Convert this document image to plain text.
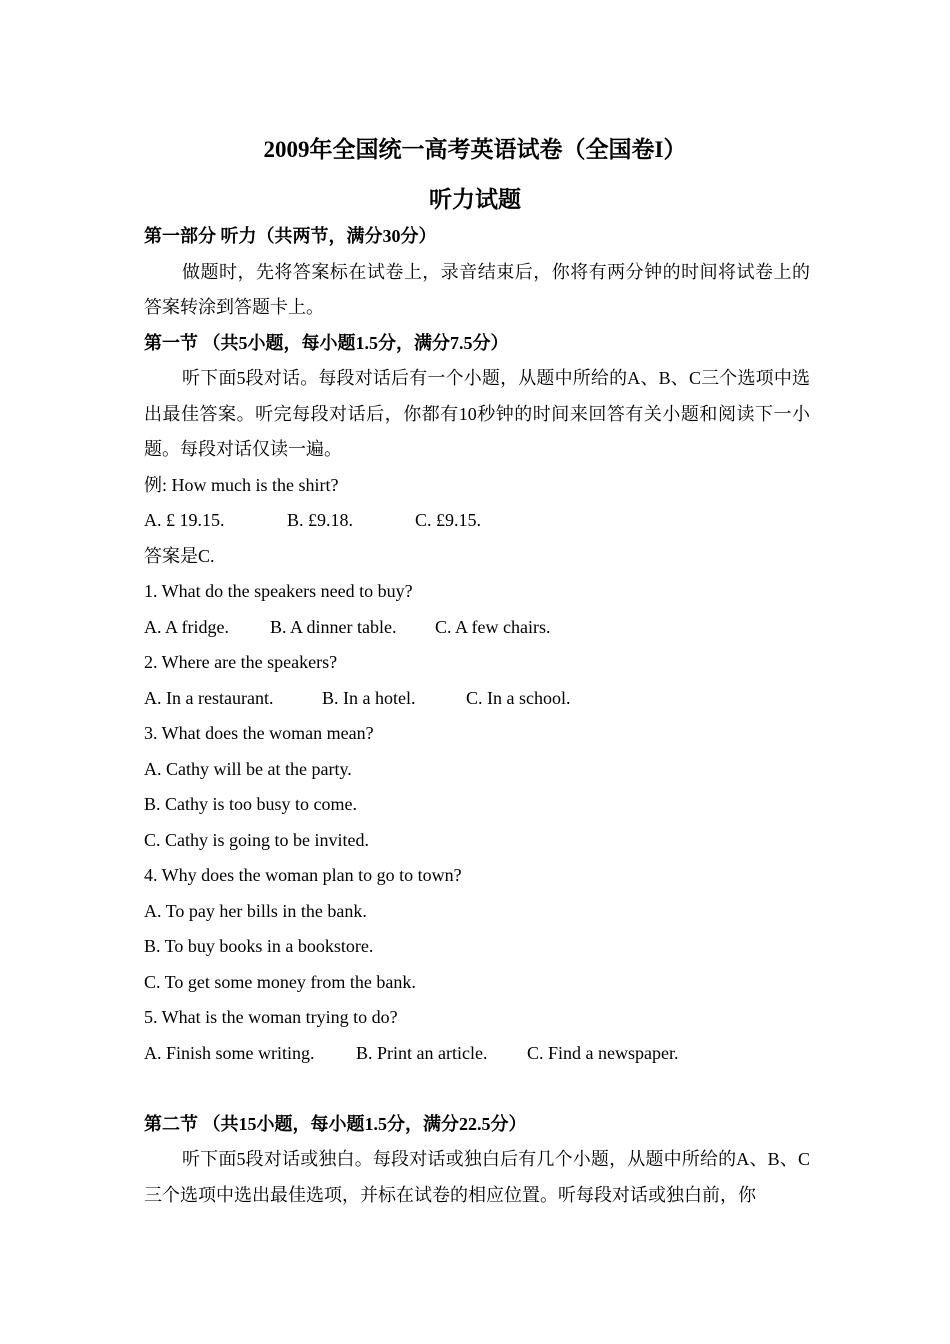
2009年全国统一高考英语试卷（全国卷I）
听力试题
第一部分 听力（共两节，满分30分）
做题时，先将答案标在试卷上，录音结束后，你将有两分钟的时间将试卷上的答案转涂到答题卡上。
第一节 （共5小题，每小题1.5分，满分7.5分）
听下面5段对话。每段对话后有一个小题，从题中所给的A、B、C三个选项中选出最佳答案。听完每段对话后，你都有10秒钟的时间来回答有关小题和阅读下一小题。每段对话仅读一遍。
例: How much is the shirt?
A. £ 19.15.	B. £9.18.	C. £9.15.
答案是C.
1. What do the speakers need to buy?
A. A fridge. B. A dinner table. C. A few chairs.
2. Where are the speakers?
A. In a restaurant.	B. In a hotel.	C. In a school.
3. What does the woman mean?
A. Cathy will be at the party.
B. Cathy is too busy to come.
C. Cathy is going to be invited.
4. Why does the woman plan to go to town?
A. To pay her bills in the bank.
B. To buy books in a bookstore.
C. To get some money from the bank.
5. What is the woman trying to do?
A. Finish some writing. B. Print an article. C. Find a newspaper.
第二节 （共15小题，每小题1.5分，满分22.5分）
听下面5段对话或独白。每段对话或独白后有几个小题，从题中所给的A、B、C三个选项中选出最佳选项，并标在试卷的相应位置。听每段对话或独白前，你
